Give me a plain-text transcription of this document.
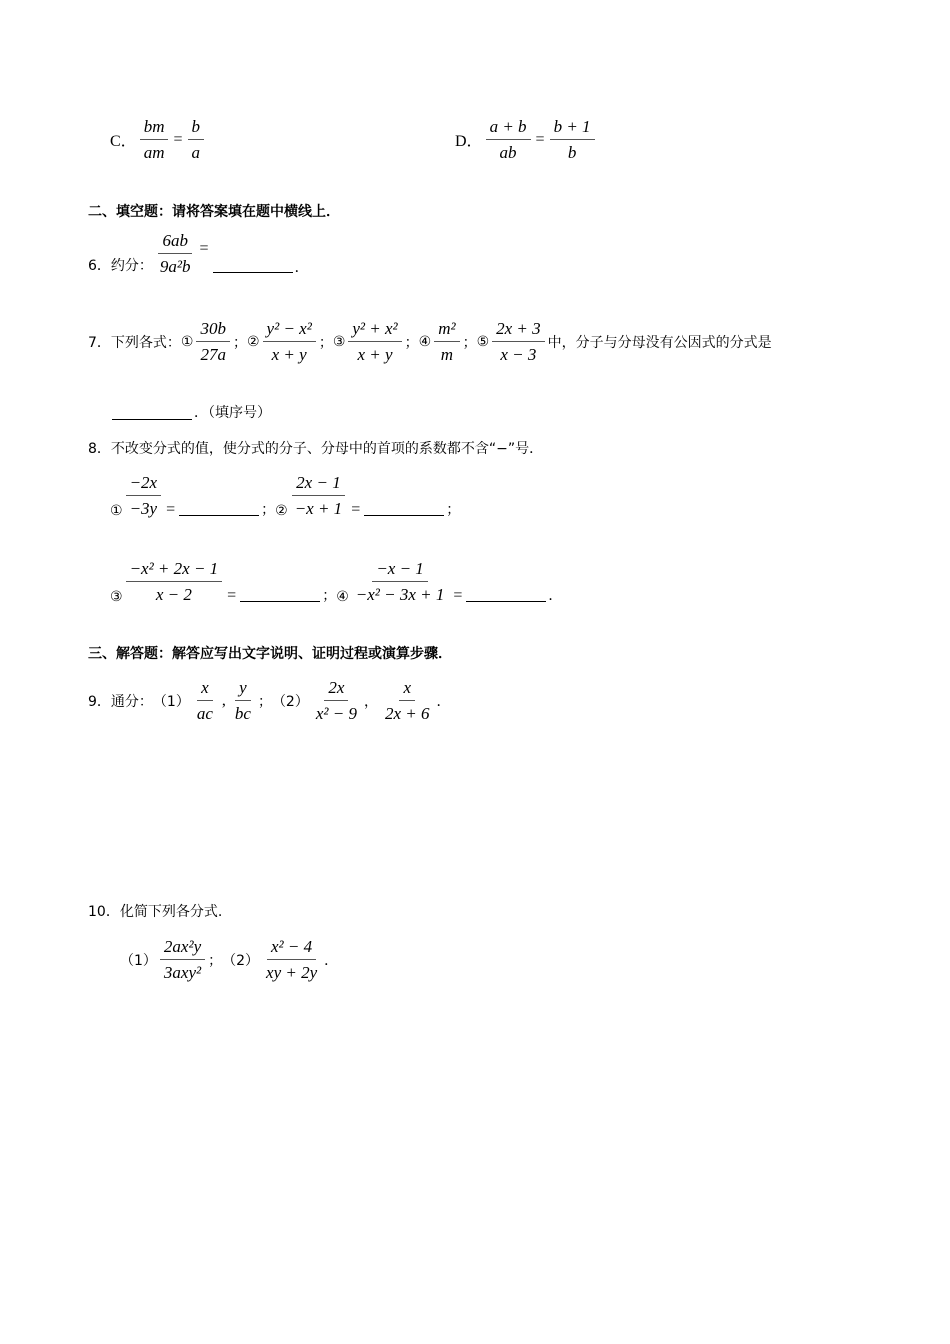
C． $\frac{bm}{am} = \frac{b}{a}$	D． $\frac{a + b}{ab} = \frac{b + 1}{b}$
二、填空题：请将答案填在题中横线上．
6．约分： $\frac{6ab}{\text{9a²b}}$ =
．
7．下列各式： ① $\frac{30b}{27a}$ ； ② $\frac{\text{y² − x²}}{x + y}$ ； ③ $\frac{\text{y² + x²}}{x + y}$ ； ④ $\frac{\text{m²}}{m}$ ； ⑤ $\frac{2x + 3}{x - 3}$ 中，分子与分母没有公因式的分式是
．（填序号）
8．不改变分式的值，使分式的分子、分母中的首项的系数都不含“−”号．
① $\frac{-2x}{-3y}$ =	； ② $\frac{2x - 1}{-x + 1}$ =	；
③ $\frac{\text{−x² + 2x − 1}}{x - 2}$ =	； ④ $\frac{-x - 1}{\text{−x² − 3x + 1}}$ =	．
三、解答题：解答应写出文字说明、证明过程或演算步骤．
9．通分： $(1) \frac{x}{ac}$ , $\frac{y}{bc}$ ； $(2) \frac{2x}{\text{x² − 9}}$ ， $\frac{x}{2x + 6}$ ．
10．化简下列各分式.
$(1) \frac{\text{2ax²y}}{\text{3axy²}}$ ； $(2) \frac{\text{x² − 4}}{xy + 2y}$ ．
